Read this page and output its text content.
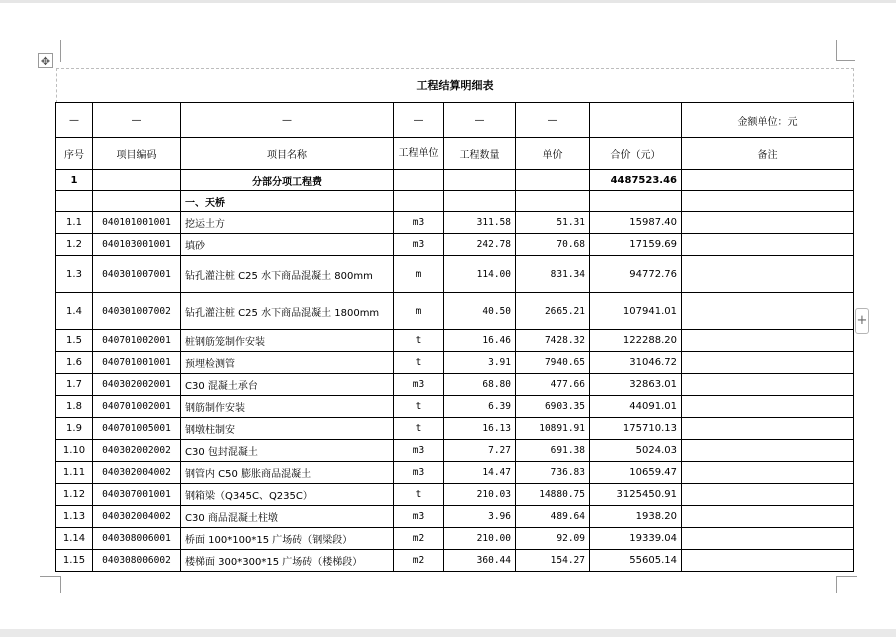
✥
+
工程结算明细表
—	—	—	—	—	—		金额单位：元
序号	项目编码	项目名称	工程单位	工程数量	单价	合价（元）	备注
1		分部分项工程费				4487523.46	
		一、天桥					
1.1	040101001001	挖运土方	m3	311.58	51.31	15987.40	
1.2	040103001001	填砂	m3	242.78	70.68	17159.69	
1.3	040301007001	钻孔灌注桩 C25 水下商品混凝土 800mm	m	114.00	831.34	94772.76	
1.4	040301007002	钻孔灌注桩 C25 水下商品混凝土 1800mm	m	40.50	2665.21	107941.01	
1.5	040701002001	桩钢筋笼制作安装	t	16.46	7428.32	122288.20	
1.6	040701001001	预埋检测管	t	3.91	7940.65	31046.72	
1.7	040302002001	C30 混凝土承台	m3	68.80	477.66	32863.01	
1.8	040701002001	钢筋制作安装	t	6.39	6903.35	44091.01	
1.9	040701005001	钢墩柱制安	t	16.13	10891.91	175710.13	
1.10	040302002002	C30 包封混凝土	m3	7.27	691.38	5024.03	
1.11	040302004002	钢管内 C50 膨胀商品混凝土	m3	14.47	736.83	10659.47	
1.12	040307001001	钢箱梁（Q345C、Q235C）	t	210.03	14880.75	3125450.91	
1.13	040302004002	C30 商品混凝土柱墩	m3	3.96	489.64	1938.20	
1.14	040308006001	桥面 100*100*15 广场砖（钢梁段）	m2	210.00	92.09	19339.04	
1.15	040308006002	楼梯面 300*300*15 广场砖（楼梯段）	m2	360.44	154.27	55605.14	
